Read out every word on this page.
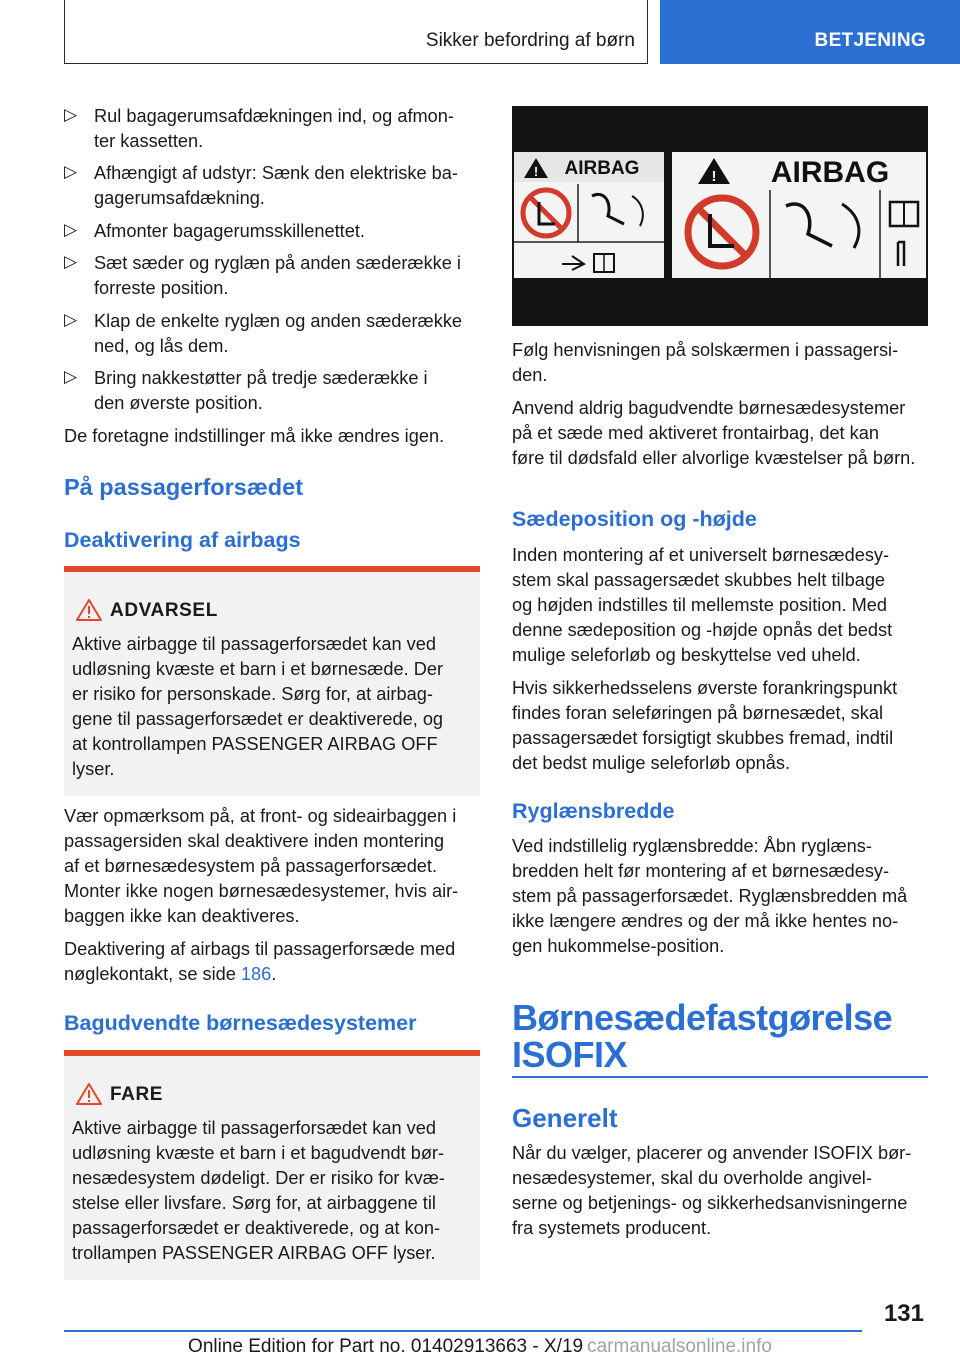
Sikker befordring af børn	BETJENING
▷ Rul bagagerumsafdækningen ind, og afmon-
ter kassetten.
▷ Afhængigt af udstyr: Sænk den elektriske ba-
gagerumsafdækning.
▷ Afmonter bagagerumsskillenettet.
▷ Sæt sæder og ryglæn på anden sæderække i
forreste position.
▷ Klap de enkelte ryglæn og anden sæderække
ned, og lås dem.
▷ Bring nakkestøtter på tredje sæderække i
den øverste position.
De foretagne indstillinger må ikke ændres igen.
På passagerforsædet
Deaktivering af airbags
ADVARSEL
Aktive airbagge til passagerforsædet kan ved
udløsning kvæste et barn i et børnesæde. Der
er risiko for personskade. Sørg for, at airbag-
gene til passagerforsædet er deaktiverede, og
at kontrollampen PASSENGER AIRBAG OFF
lyser.
Vær opmærksom på, at front- og sideairbaggen i
passagersiden skal deaktivere inden montering
af et børnesædesystem på passagerforsædet.
Monter ikke nogen børnesædesystemer, hvis air-
baggen ikke kan deaktiveres.
Deaktivering af airbags til passagerforsæde med
nøglekontakt, se side 186.
Bagudvendte børnesædesystemer
FARE
Aktive airbagge til passagerforsædet kan ved
udløsning kvæste et barn i et bagudvendt bør-
nesædesystem dødeligt. Der er risiko for kvæ-
stelse eller livsfare. Sørg for, at airbaggene til
passagerforsædet er deaktiverede, og at kon-
trollampen PASSENGER AIRBAG OFF lyser.
! AIRBAG	! AIRBAG
Følg henvisningen på solskærmen i passagersi-
den.
Anvend aldrig bagudvendte børnesædesystemer
på et sæde med aktiveret frontairbag, det kan
føre til dødsfald eller alvorlige kvæstelser på børn.
Sædeposition og -højde
Inden montering af et universelt børnesædesy-
stem skal passagersædet skubbes helt tilbage
og højden indstilles til mellemste position. Med
denne sædeposition og -højde opnås det bedst
mulige seleforløb og beskyttelse ved uheld.
Hvis sikkerhedsselens øverste forankringspunkt
findes foran seleføringen på børnesædet, skal
passagersædet forsigtigt skubbes fremad, indtil
det bedst mulige seleforløb opnås.
Ryglænsbredde
Ved indstillelig ryglænsbredde: Åbn ryglæns-
bredden helt før montering af et børnesædesy-
stem på passagerforsædet. Ryglænsbredden må
ikke længere ændres og der må ikke hentes no-
gen hukommelse-position.
Børnesædefastgørelse
ISOFIX
Generelt
Når du vælger, placerer og anvender ISOFIX bør-
nesædesystemer, skal du overholde angivel-
serne og betjenings- og sikkerhedsanvisningerne
fra systemets producent.
131
Online Edition for Part no. 01402913663 - X/19 carmanualsonline.info
